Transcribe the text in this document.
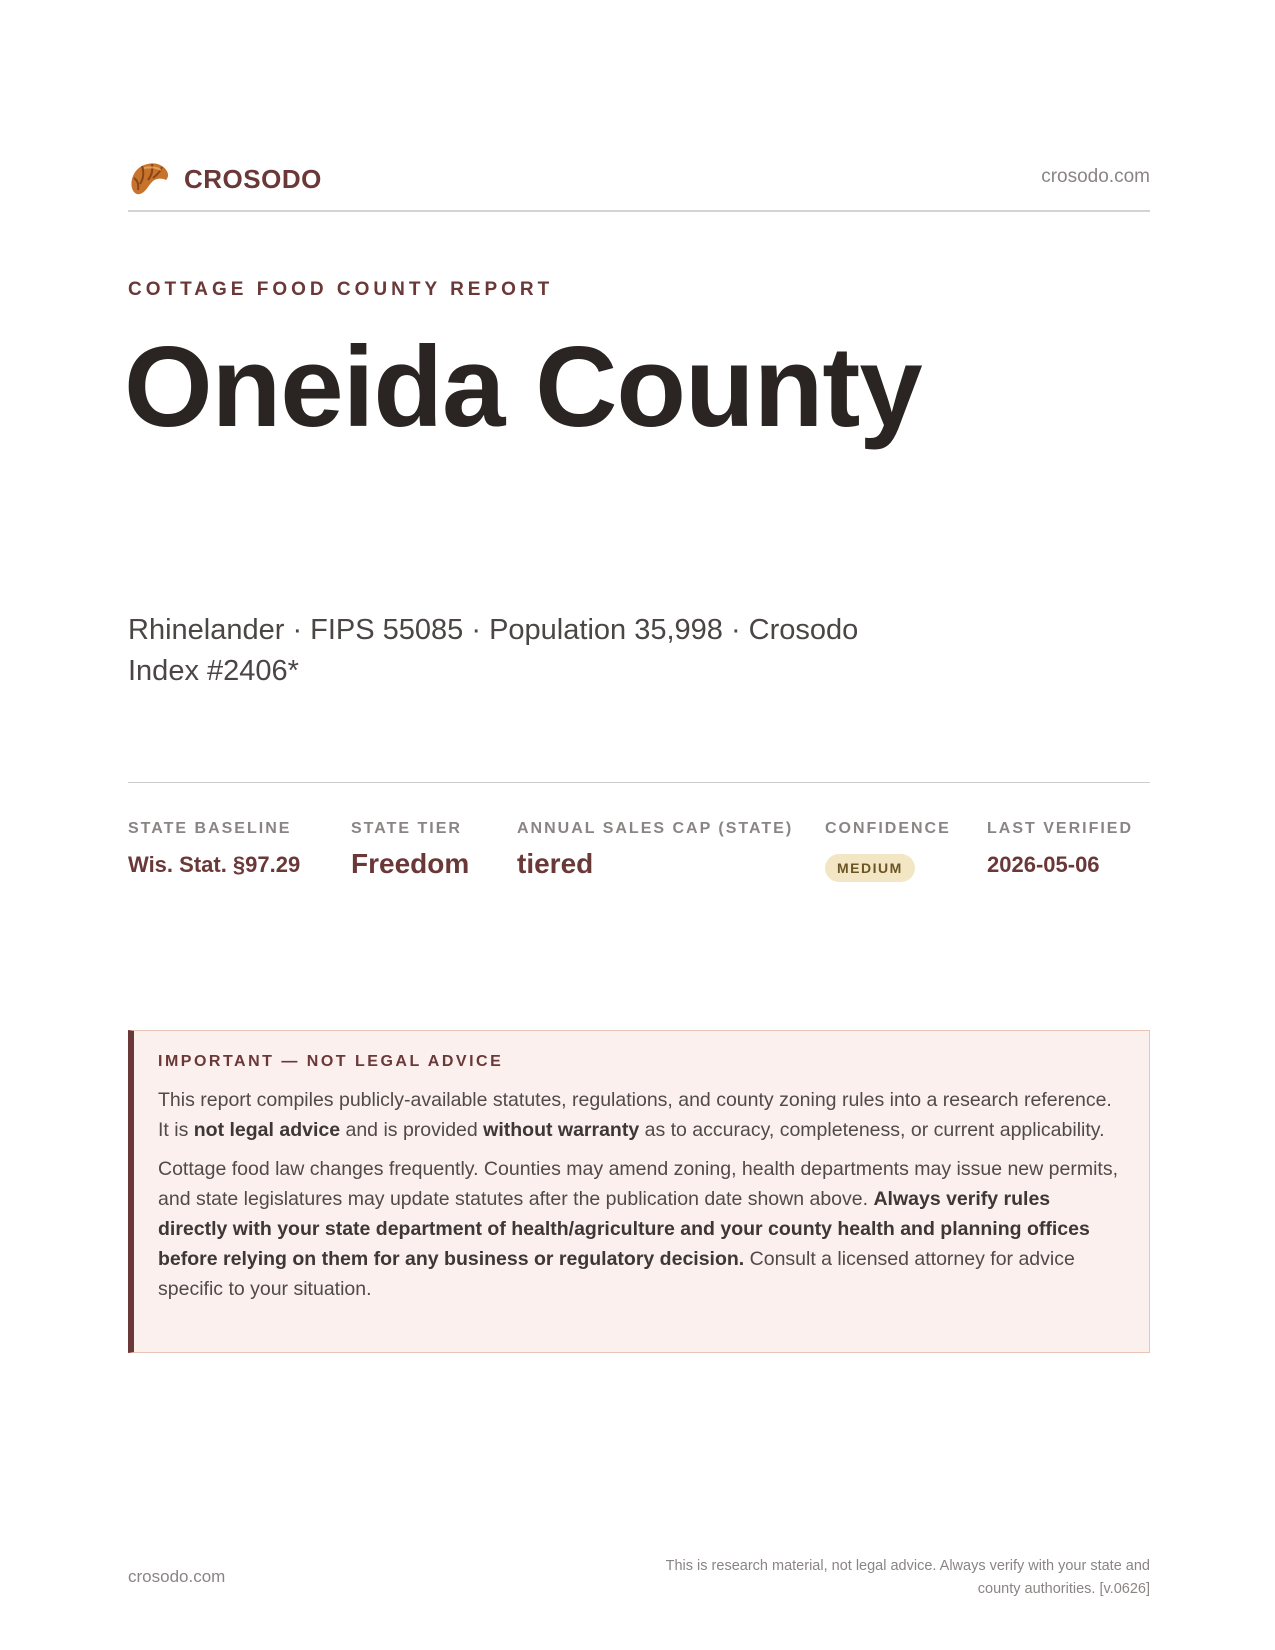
CROSODO	crosodo.com
COTTAGE FOOD COUNTY REPORT
Oneida County

Rhinelander · FIPS 55085 · Population 35,998 · Crosodo Index #2406*

STATE BASELINE
Wis. Stat. §97.29
STATE TIER
Freedom
ANNUAL SALES CAP (STATE)
tiered
CONFIDENCE
MEDIUM
LAST VERIFIED
2026-05-06
IMPORTANT — NOT LEGAL ADVICE

This report compiles publicly-available statutes, regulations, and county zoning rules into a research reference. It is not legal advice and is provided without warranty as to accuracy, completeness, or current applicability.

Cottage food law changes frequently. Counties may amend zoning, health departments may issue new permits, and state legislatures may update statutes after the publication date shown above. Always verify rules directly with your state department of health/agriculture and your county health and planning offices before relying on them for any business or regulatory decision. Consult a licensed attorney for advice specific to your situation.

crosodo.com
This is research material, not legal advice. Always verify with your state and county authorities. [v.0626]
